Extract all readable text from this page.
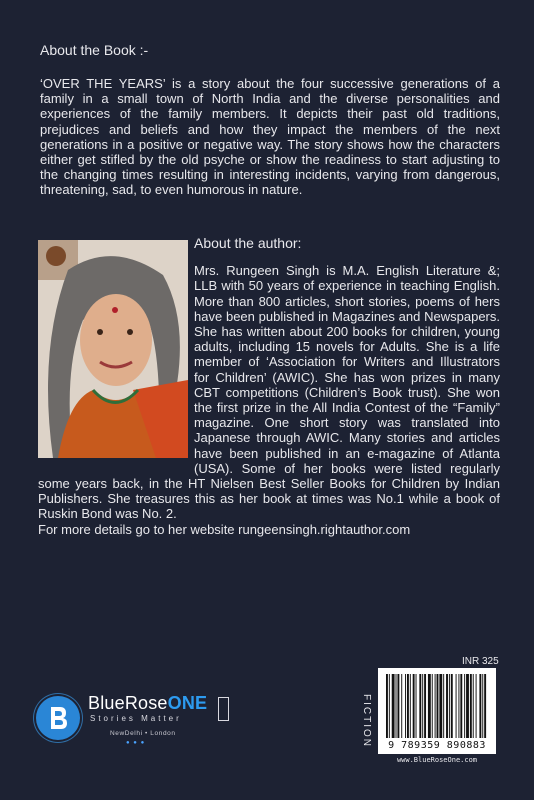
About the Book :-
‘OVER THE YEARS’ is a story about the four successive generations of a family in a small town of North India and the diverse personalities and experiences of the family members. It depicts their past old traditions, prejudices and beliefs and how they impact the members of the next generations in a positive or negative way. The story shows how the characters either get stifled by the old psyche or show the readiness to start adjusting to the changing times resulting in interesting incidents, varying from dangerous, threatening, sad, to even humorous in nature.
About the author:
Mrs. Rungeen Singh is M.A. English Literature &; LLB with 50 years of experience in teaching English. More than 800 articles, short stories, poems of hers have been published in Magazines and Newspapers. She has written about 200 books for children, young adults, including 15 novels for Adults. She is a life member of ‘Association for Writers and Illustrators for Children’ (AWIC). She has won prizes in many CBT competitions (Children’s Book trust). She won the first prize in the All India Contest of the “Family” magazine. One short story was translated into Japanese through AWIC. Many stories and articles have been published in an e-magazine of Atlanta (USA). Some of her books were listed regularly some years back, in the HT Nielsen Best Seller Books for Children by Indian Publishers. She treasures this as her book at times was No.1 while a book of Ruskin Bond was No. 2.
For more details go to her website rungeensingh.rightauthor.com
INR 325
FICTION	9 789359 890883
www.BlueRoseOne.com
BlueRoseONE
Stories Matter
NewDelhi • London
● ● ●
